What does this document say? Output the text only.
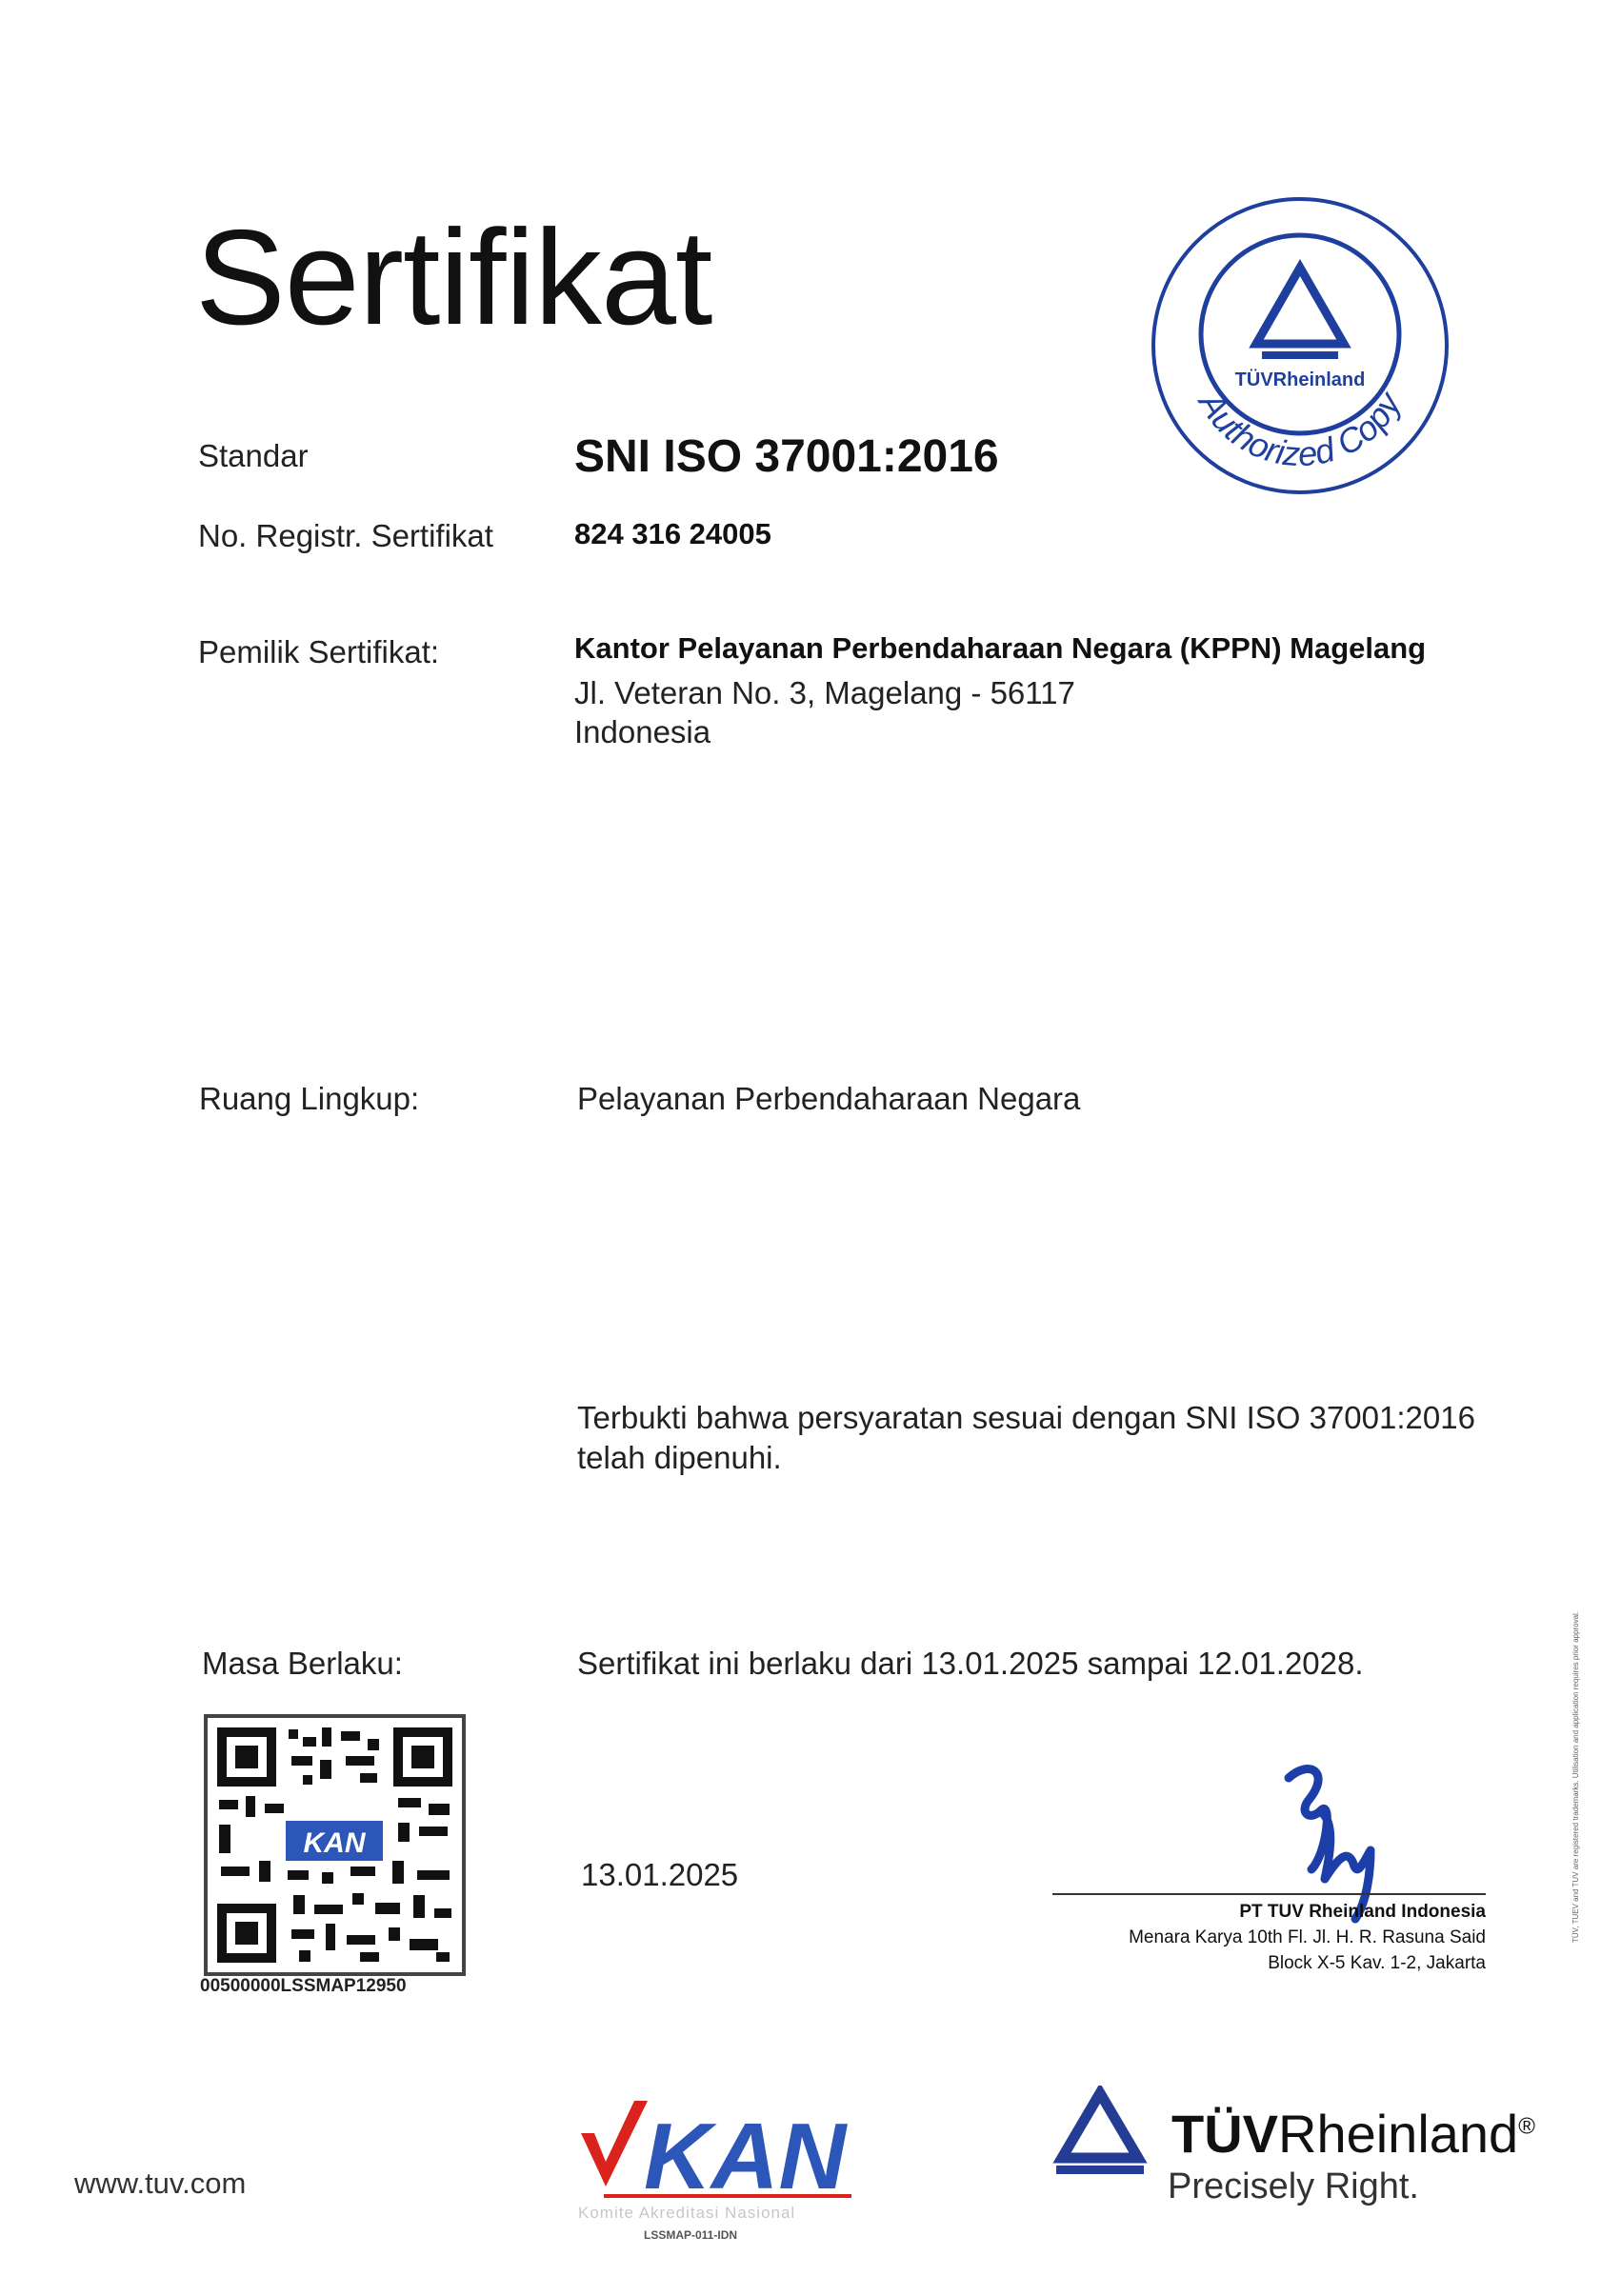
Sertifikat
TÜVRheinland
Authorized Copy
Standar	SNI ISO 37001:2016
No. Registr. Sertifikat	824 316 24005
Pemilik Sertifikat:	Kantor Pelayanan Perbendaharaan Negara (KPPN) Magelang
Jl. Veteran No. 3, Magelang - 56117
Indonesia
Ruang Lingkup:	Pelayanan Perbendaharaan Negara
Terbukti bahwa persyaratan sesuai dengan SNI ISO 37001:2016
telah dipenuhi.
Masa Berlaku:	Sertifikat ini berlaku dari 13.01.2025 sampai 12.01.2028.
KAN
00500000LSSMAP12950
13.01.2025
PT TUV Rheinland Indonesia
Menara Karya 10th Fl. Jl. H. R. Rasuna Said
Block X-5 Kav. 1-2, Jakarta
TÜV, TUEV and TUV are registered trademarks. Utilisation and application requires prior approval.
www.tuv.com	KAN
Komite Akreditasi Nasional
LSSMAP-011-IDN
TÜVRheinland®
Precisely Right.
